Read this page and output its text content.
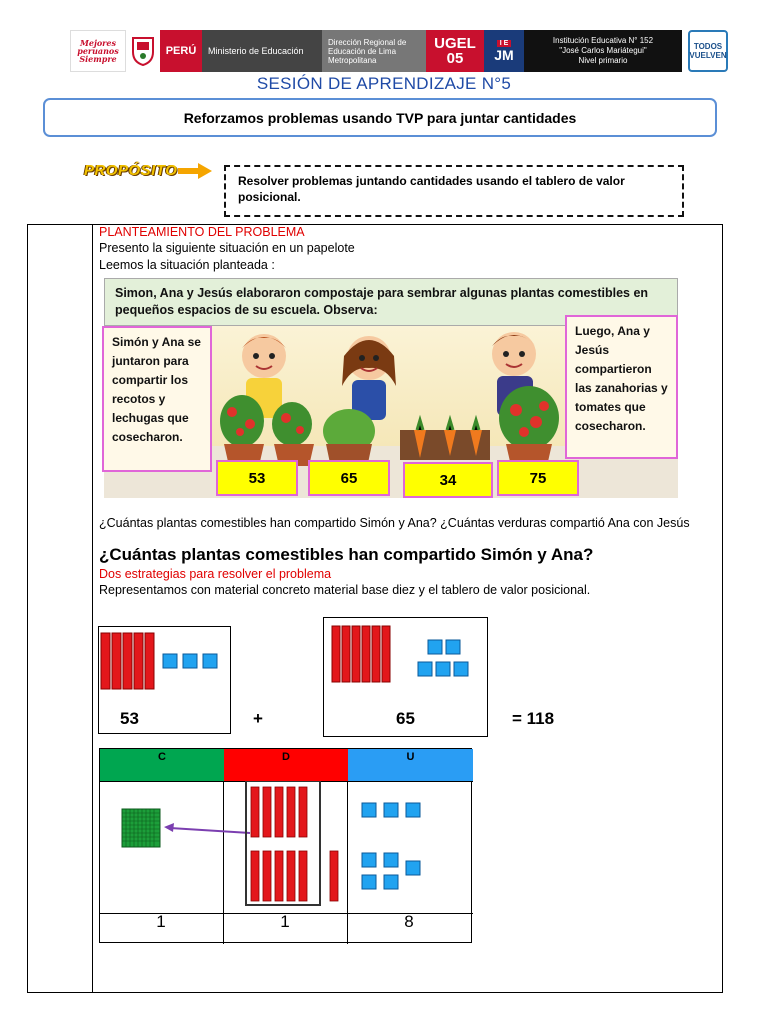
Mejores peruanos Siempre
PERÚ	Ministerio de Educación
Dirección Regional de Educación de Lima Metropolitana
UGEL
05
I E
JM
Institución Educativa N° 152
"José Carlos Mariátegui"
Nivel primario
TODOS VUELVEN
SESIÓN DE APRENDIZAJE N°5
Reforzamos problemas usando TVP para juntar cantidades
PROPÓSITO
Resolver problemas juntando cantidades usando el tablero de valor posicional.
PLANTEAMIENTO DEL PROBLEMA
Presento la siguiente situación en un papelote
Leemos la situación planteada :
Simon, Ana y Jesús elaboraron compostaje para sembrar algunas plantas comestibles en pequeños espacios de su escuela. Observa:
Simón y Ana se juntaron para compartir los recotos y lechugas que cosecharon.
Luego, Ana y Jesús compartieron las zanahorias y tomates que cosecharon.
53	65	34	75
¿Cuántas plantas comestibles han compartido Simón y Ana? ¿Cuántas verduras compartió Ana con Jesús
¿Cuántas plantas comestibles han compartido Simón y Ana?
Dos estrategias para resolver el problema
Representamos con material concreto material base diez y el tablero de valor posicional.
53	+	65	= 118
C	D	U
1	1	8
